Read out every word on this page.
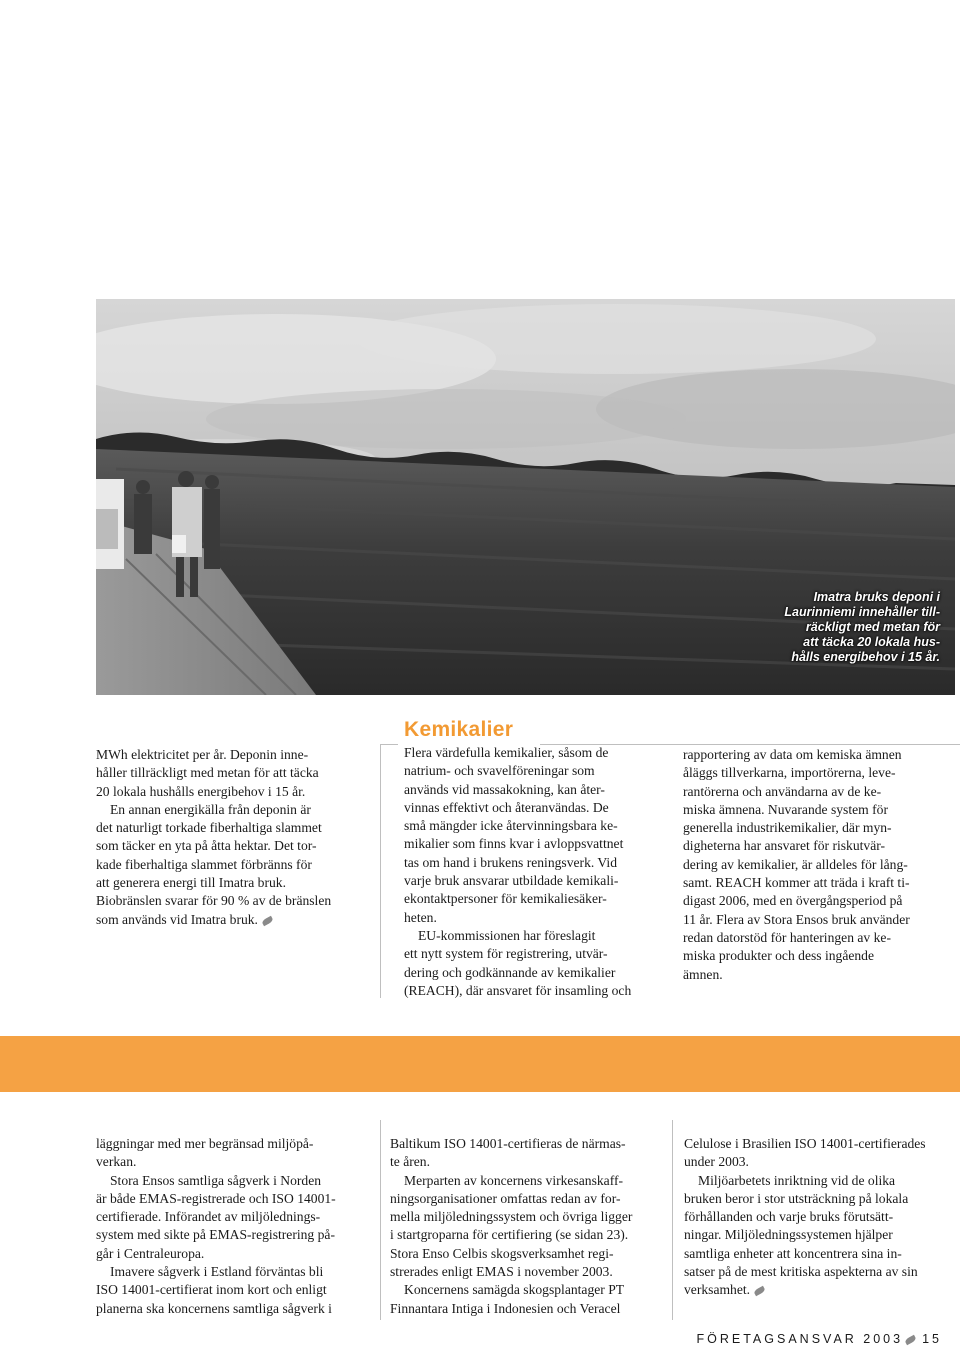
Imatra bruks deponi i
Laurinniemi innehåller till-
räckligt med metan för
att täcka 20 lokala hus-
hålls energibehov i 15 år.

MWh elektricitet per år. Deponin inne-

håller tillräckligt med metan för att täcka

20 lokala hushålls energibehov i 15 år.

En annan energikälla från deponin är

det naturligt torkade fiberhaltiga slammet

som täcker en yta på åtta hektar. Det tor-

kade fiberhaltiga slammet förbränns för

att generera energi till Imatra bruk.

Biobränslen svarar för 90 % av de bränslen

som används vid Imatra bruk.

Kemikalier

Flera värdefulla kemikalier, såsom de

natrium- och svavelföreningar som

används vid massakokning, kan åter-

vinnas effektivt och återanvändas. De

små mängder icke återvinningsbara ke-

mikalier som finns kvar i avloppsvattnet

tas om hand i brukens reningsverk. Vid

varje bruk ansvarar utbildade kemikali-

ekontaktpersoner för kemikaliesäker-

heten.

EU-kommissionen har föreslagit

ett nytt system för registrering, utvär-

dering och godkännande av kemikalier

(REACH), där ansvaret för insamling och

rapportering av data om kemiska ämnen

åläggs tillverkarna, importörerna, leve-

rantörerna och användarna av de ke-

miska ämnena. Nuvarande system för

generella industrikemikalier, där myn-

digheterna har ansvaret för riskutvär-

dering av kemikalier, är alldeles för lång-

samt. REACH kommer att träda i kraft ti-

digast 2006, med en övergångsperiod på

11 år. Flera av Stora Ensos bruk använder

redan datorstöd för hanteringen av ke-

miska produkter och dess ingående

ämnen.

läggningar med mer begränsad miljöpå-

verkan.

Stora Ensos samtliga sågverk i Norden

är både EMAS-registrerade och ISO 14001-

certifierade. Införandet av miljölednings-

system med sikte på EMAS-registrering på-

går i Centraleuropa.

Imavere sågverk i Estland förväntas bli

ISO 14001-certifierat inom kort och enligt

planerna ska koncernens samtliga sågverk i

Baltikum ISO 14001-certifieras de närmas-

te åren.

Merparten av koncernens virkesanskaff-

ningsorganisationer omfattas redan av for-

mella miljöledningssystem och övriga ligger

i startgroparna för certifiering (se sidan 23).

Stora Enso Celbis skogsverksamhet regi-

strerades enligt EMAS i november 2003.

Koncernens samägda skogsplantager PT

Finnantara Intiga i Indonesien och Veracel

Celulose i Brasilien ISO 14001-certifierades

under 2003.

Miljöarbetets inriktning vid de olika

bruken beror i stor utsträckning på lokala

förhållanden och varje bruks förutsätt-

ningar. Miljöledningssystemen hjälper

samtliga enheter att koncentrera sina in-

satser på de mest kritiska aspekterna av sin

verksamhet.

FÖRETAGSANSVAR 2003 15
